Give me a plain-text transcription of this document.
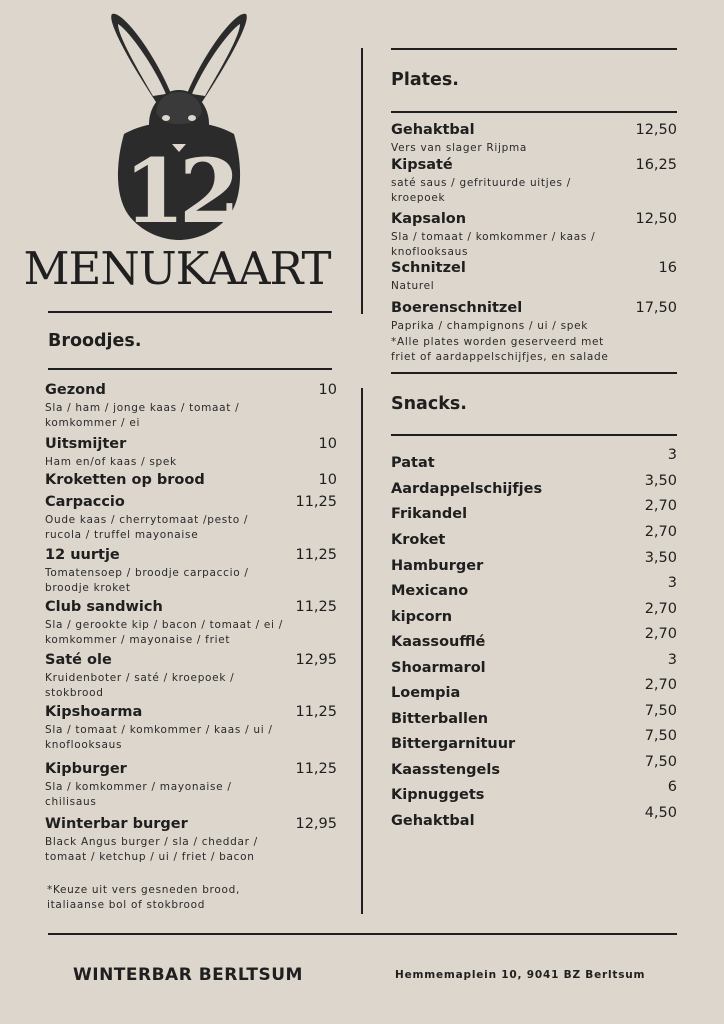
12
MENUKAART
Broodjes.
Gezond	10
Sla / ham / jonge kaas / tomaat / komkommer / ei
Uitsmijter	10
Ham en/of kaas / spek
Kroketten op brood	10
Carpaccio	11,25
Oude kaas / cherrytomaat /pesto / rucola / truffel mayonaise
12 uurtje	11,25
Tomatensoep / broodje carpaccio / broodje kroket
Club sandwich	11,25
Sla / gerookte kip / bacon / tomaat / ei / komkommer / mayonaise / friet
Saté ole	12,95
Kruidenboter / saté / kroepoek / stokbrood
Kipshoarma	11,25
Sla / tomaat / komkommer / kaas / ui / knoflooksaus
Kipburger	11,25
Sla / komkommer / mayonaise / chilisaus
Winterbar burger	12,95
Black Angus burger / sla / cheddar / tomaat / ketchup / ui / friet / bacon
*Keuze uit vers gesneden brood, italiaanse bol of stokbrood
Plates.
Gehaktbal	12,50
Vers van slager Rijpma
Kipsaté	16,25
saté saus / gefrituurde uitjes / kroepoek
Kapsalon	12,50
Sla / tomaat / komkommer / kaas / knoflooksaus
Schnitzel	16
Naturel
Boerenschnitzel	17,50
Paprika / champignons / ui / spek
*Alle plates worden geserveerd met friet of aardappelschijfjes, en salade
Snacks.
Patat	3
Aardappelschijfjes	3,50
Frikandel	2,70
Kroket	2,70
Hamburger	3,50
Mexicano	3
kipcorn	2,70
Kaassoufflé	2,70
Shoarmarol	3
Loempia	2,70
Bitterballen	7,50
Bittergarnituur	7,50
Kaasstengels	7,50
Kipnuggets	6
Gehaktbal	4,50
WINTERBAR BERLTSUM	Hemmemaplein 10, 9041 BZ Berltsum
